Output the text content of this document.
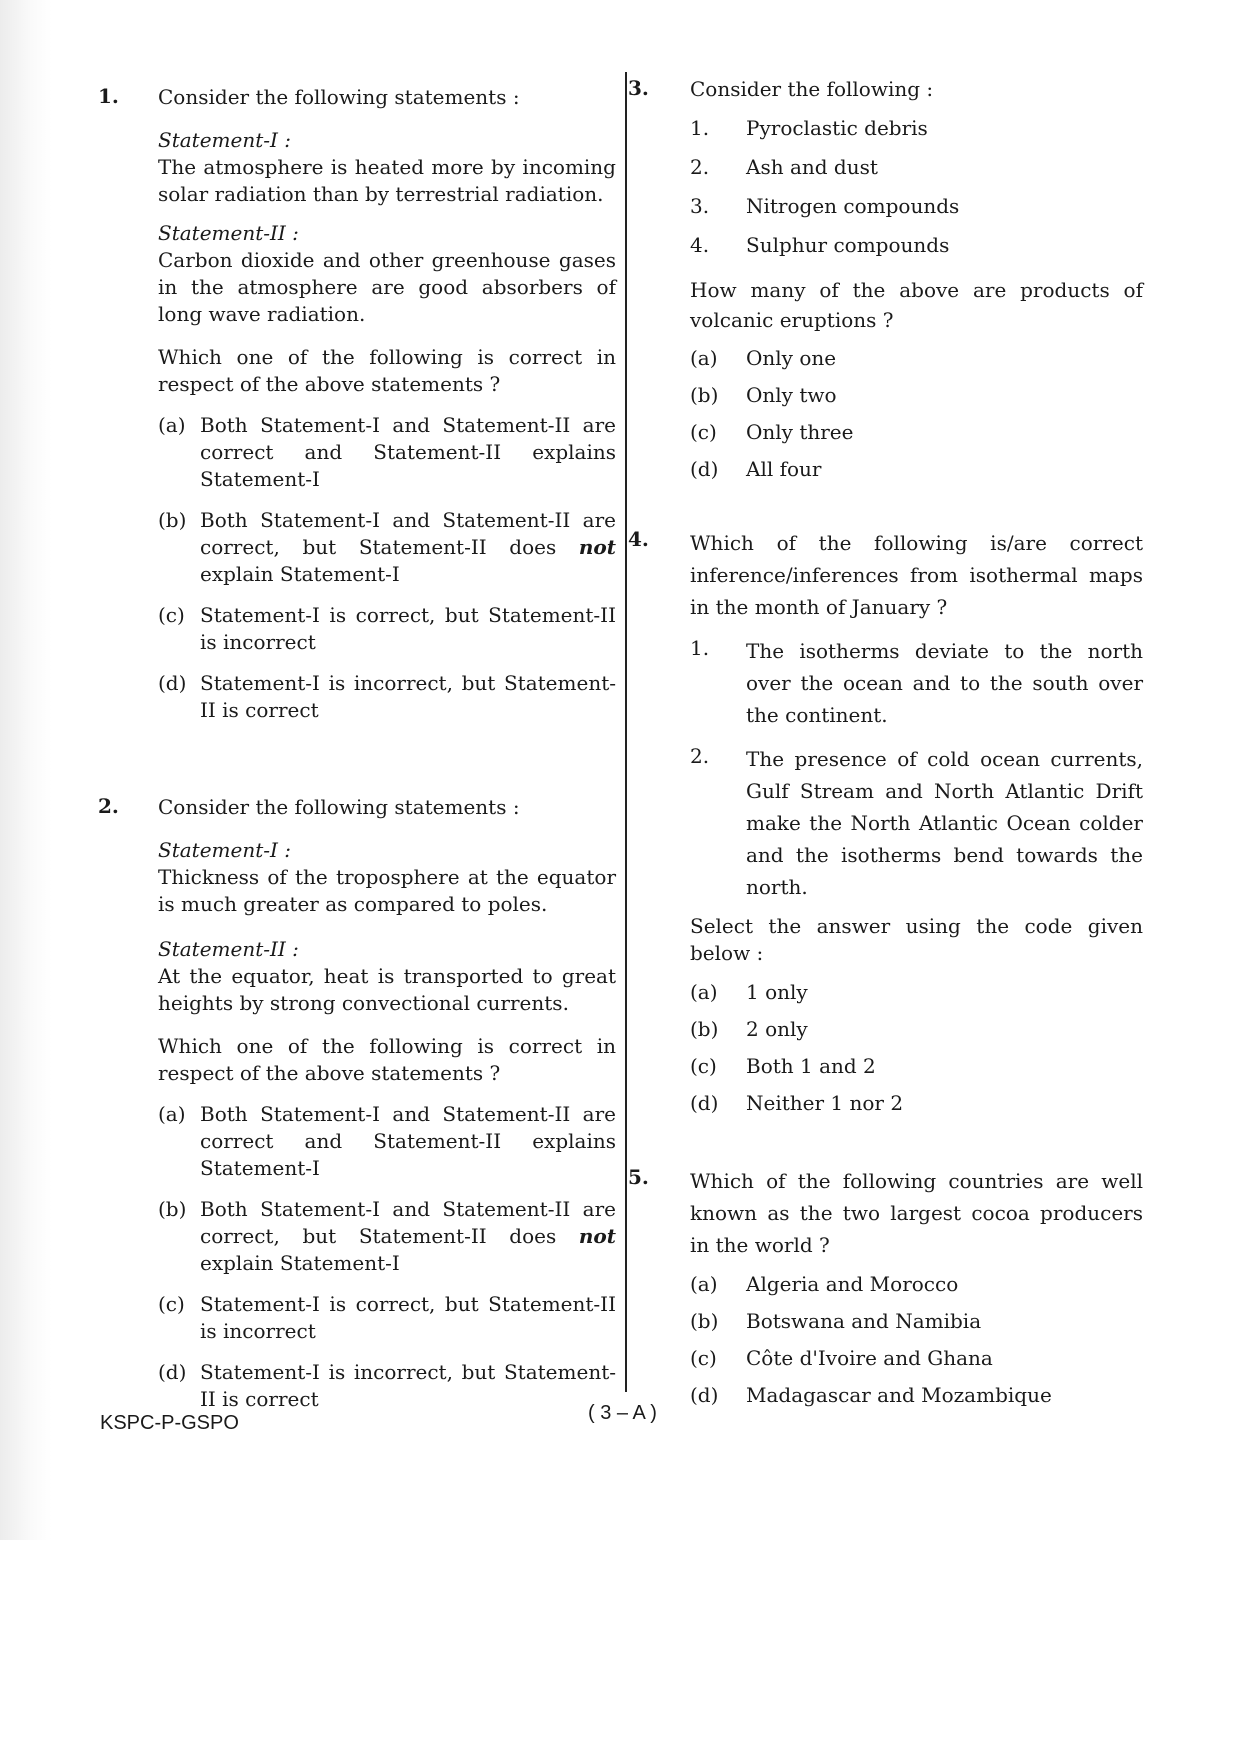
1. Consider the following statements :

Statement-I :

The atmosphere is heated more by incoming solar radiation than by terrestrial radiation.

Statement-II :

Carbon dioxide and other greenhouse gases in the atmosphere are good absorbers of long wave radiation.

Which one of the following is correct in respect of the above statements ?

(a) Both Statement-I and Statement-II are correct and Statement-II explains Statement-I
(b) Both Statement-I and Statement-II are correct, but Statement-II does not explain Statement-I
(c) Statement-I is correct, but Statement-II is incorrect
(d) Statement-I is incorrect, but Statement-II is correct
2. Consider the following statements :

Statement-I :

Thickness of the troposphere at the equator is much greater as compared to poles.

Statement-II :

At the equator, heat is transported to great heights by strong convectional currents.

Which one of the following is correct in respect of the above statements ?

(a) Both Statement-I and Statement-II are correct and Statement-II explains Statement-I
(b) Both Statement-I and Statement-II are correct, but Statement-II does not explain Statement-I
(c) Statement-I is correct, but Statement-II is incorrect
(d) Statement-I is incorrect, but Statement-II is correct
3. Consider the following :

1.	Pyroclastic debris
2.	Ash and dust
3.	Nitrogen compounds
4.	Sulphur compounds

How many of the above are products of volcanic eruptions ?

(a)	Only one
(b)	Only two
(c)	Only three
(d)	All four
4. Which of the following is/are correct inference/inferences from isothermal maps in the month of January ?

1.	The isotherms deviate to the north over the ocean and to the south over the continent.
2.	The presence of cold ocean currents, Gulf Stream and North Atlantic Drift make the North Atlantic Ocean colder and the isotherms bend towards the north.

Select the answer using the code given below :

(a)	1 only
(b)	2 only
(c)	Both 1 and 2
(d)	Neither 1 nor 2
5. Which of the following countries are well known as the two largest cocoa producers in the world ?

(a)	Algeria and Morocco
(b)	Botswana and Namibia
(c)	Côte d'Ivoire and Ghana
(d)	Madagascar and Mozambique
( 3 – A )
KSPC-P-GSPO
